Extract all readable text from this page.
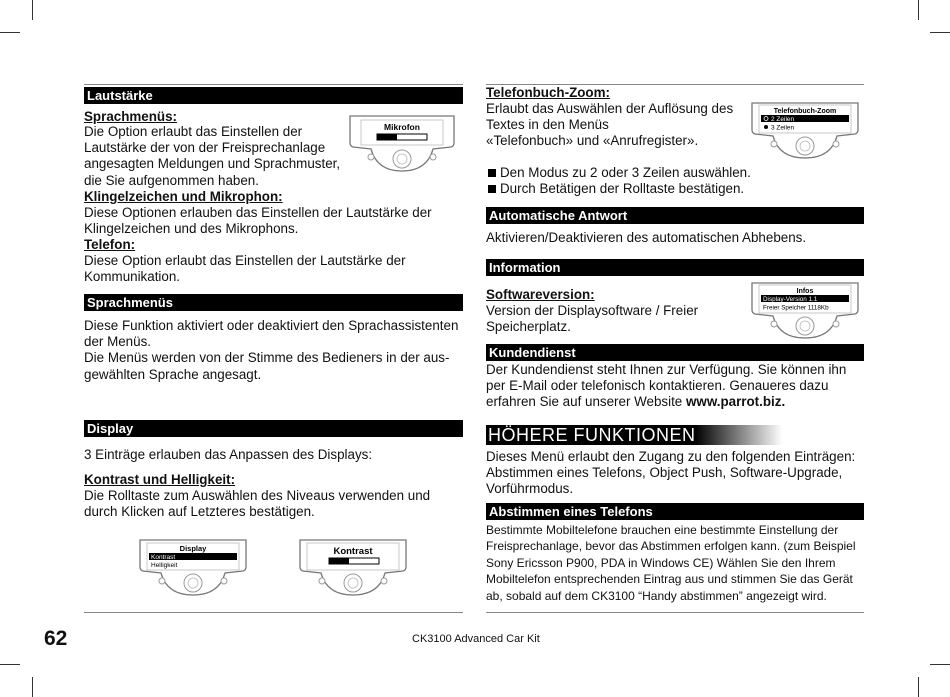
Lautstärke

Sprachmenüs:

Die Option erlaubt das Einstellen der
Lautstärke der von der Freisprechanlage
angesagten Meldungen und Sprachmuster,
die Sie aufgenommen haben.
Mikrofon

Klingelzeichen und Mikrophon:

Diese Optionen erlauben das Einstellen der Lautstärke der
Klingelzeichen und des Mikrophons.

Telefon:

Diese Option erlaubt das Einstellen der Lautstärke der
Kommunikation.
Sprachmenüs
Diese Funktion aktiviert oder deaktiviert den Sprachassistenten
der Menüs.
Die Menüs werden von der Stimme des Bedieners in der aus-
gewählten Sprache angesagt.
Display
3 Einträge erlauben das Anpassen des Displays:

Kontrast und Helligkeit:

Die Rolltaste zum Auswählen des Niveaus verwenden und
durch Klicken auf Letzteres bestätigen.
Display
Kontrast
Helligkeit
Kontrast

Telefonbuch-Zoom:

Erlaubt das Auswählen der Auflösung des
Textes in den Menüs
«Telefonbuch» und «Anrufregister».
Telefonbuch-Zoom
2 Zeilen
3 Zeilen
Den Modus zu 2 oder 3 Zeilen auswählen.
Durch Betätigen der Rolltaste bestätigen.
Automatische Antwort
Aktivieren/Deaktivieren des automatischen Abhebens.
Information

Softwareversion:

Version der Displaysoftware / Freier
Speicherplatz.
Infos
Display-Version 1.1
Freier Speicher 1118Kb
Kundendienst
Der Kundendienst steht Ihnen zur Verfügung. Sie können ihn
per E-Mail oder telefonisch kontaktieren. Genaueres dazu
erfahren Sie auf unserer Website www.parrot.biz.
HÖHERE FUNKTIONEN
Dieses Menü erlaubt den Zugang zu den folgenden Einträgen:
Abstimmen eines Telefons, Object Push, Software-Upgrade,
Vorführmodus.
Abstimmen eines Telefons
Bestimmte Mobiltelefone brauchen eine bestimmte Einstellung der
Freisprechanlage, bevor das Abstimmen erfolgen kann. (zum Beispiel
Sony Ericsson P900, PDA in Windows CE) Wählen Sie den Ihrem
Mobiltelefon entsprechenden Eintrag aus und stimmen Sie das Gerät
ab, sobald auf dem CK3100 “Handy abstimmen” angezeigt wird.
62	CK3100 Advanced Car Kit
